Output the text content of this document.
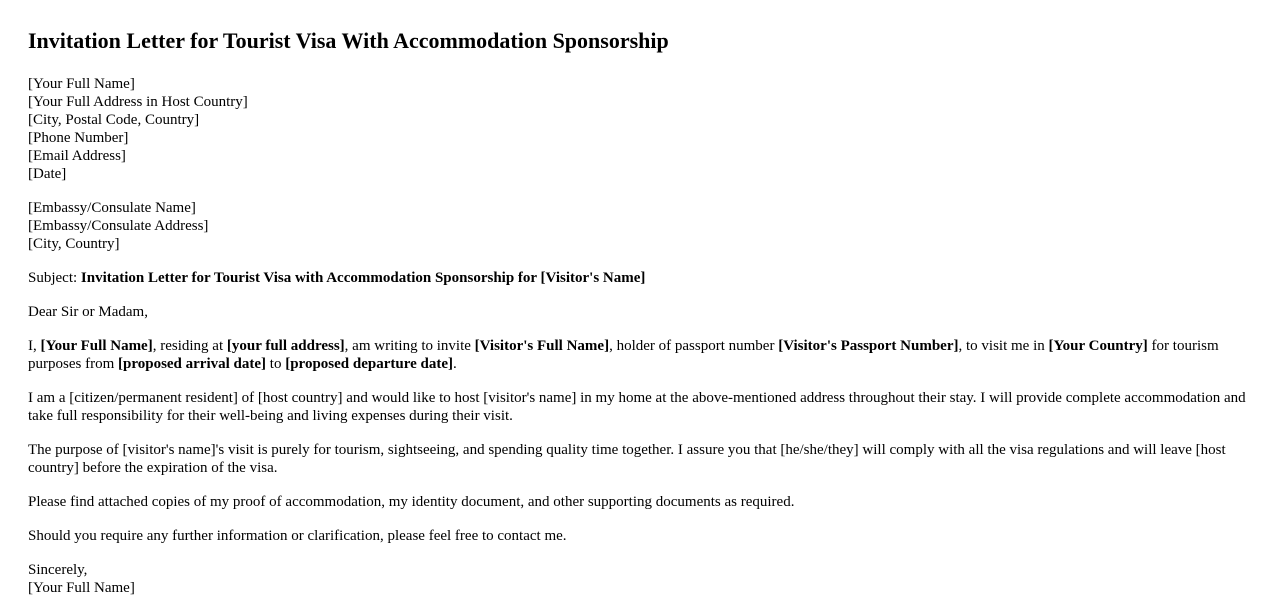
Invitation Letter for Tourist Visa With Accommodation Sponsorship

[Your Full Name]
[Your Full Address in Host Country]
[City, Postal Code, Country]
[Phone Number]
[Email Address]
[Date]

[Embassy/Consulate Name]
[Embassy/Consulate Address]
[City, Country]

Subject: Invitation Letter for Tourist Visa with Accommodation Sponsorship for [Visitor's Name]

Dear Sir or Madam,

I, [Your Full Name], residing at [your full address], am writing to invite [Visitor's Full Name], holder of passport number [Visitor's Passport Number], to visit me in [Your Country] for tourism purposes from [proposed arrival date] to [proposed departure date].

I am a [citizen/permanent resident] of [host country] and would like to host [visitor's name] in my home at the above-mentioned address throughout their stay. I will provide complete accommodation and take full responsibility for their well-being and living expenses during their visit.

The purpose of [visitor's name]'s visit is purely for tourism, sightseeing, and spending quality time together. I assure you that [he/she/they] will comply with all the visa regulations and will leave [host country] before the expiration of the visa.

Please find attached copies of my proof of accommodation, my identity document, and other supporting documents as required.

Should you require any further information or clarification, please feel free to contact me.

Sincerely,
[Your Full Name]
